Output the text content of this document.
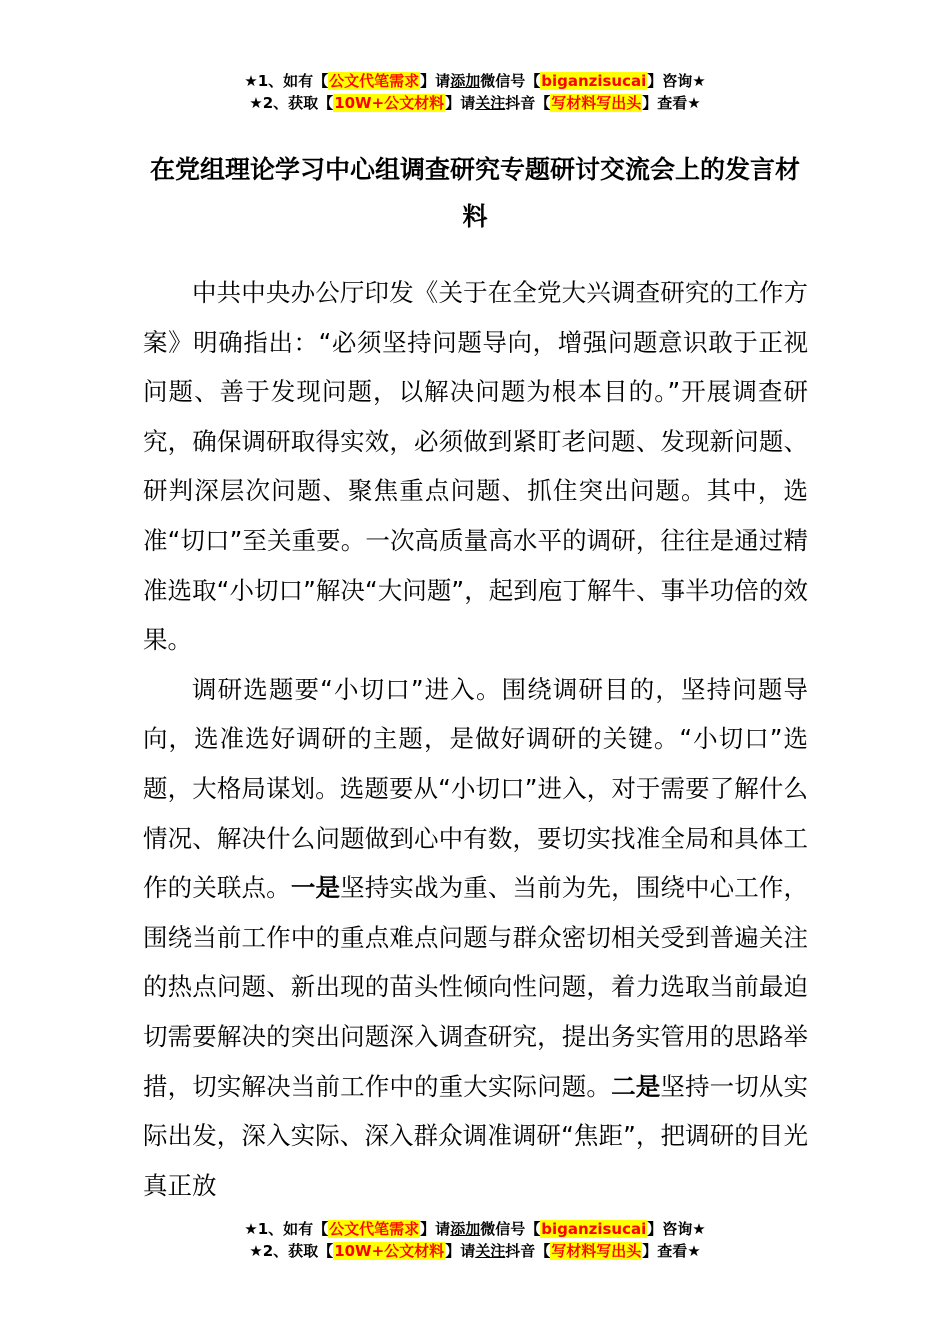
★1、如有【公文代笔需求】请添加微信号【biganzisucai】咨询★
★2、获取【10W+公文材料】请关注抖音【写材料写出头】查看★
在党组理论学习中心组调查研究专题研讨交流会上的发言材料

中共中央办公厅印发《关于在全党大兴调查研究的工作方案》明确指出：“必须坚持问题导向，增强问题意识敢于正视问题、善于发现问题，以解决问题为根本目的。”开展调查研究，确保调研取得实效，必须做到紧盯老问题、发现新问题、研判深层次问题、聚焦重点问题、抓住突出问题。其中，选准“切口”至关重要。一次高质量高水平的调研，往往是通过精准选取“小切口”解决“大问题”，起到庖丁解牛、事半功倍的效果。

调研选题要“小切口”进入。围绕调研目的，坚持问题导向，选准选好调研的主题，是做好调研的关键。“小切口”选题，大格局谋划。选题要从“小切口”进入，对于需要了解什么情况、解决什么问题做到心中有数，要切实找准全局和具体工作的关联点。一是坚持实战为重、当前为先，围绕中心工作，围绕当前工作中的重点难点问题与群众密切相关受到普遍关注的热点问题、新出现的苗头性倾向性问题，着力选取当前最迫切需要解决的突出问题深入调查研究，提出务实管用的思路举措，切实解决当前工作中的重大实际问题。二是坚持一切从实际出发，深入实际、深入群众调准调研“焦距”，把调研的目光真正放

★1、如有【公文代笔需求】请添加微信号【biganzisucai】咨询★
★2、获取【10W+公文材料】请关注抖音【写材料写出头】查看★
